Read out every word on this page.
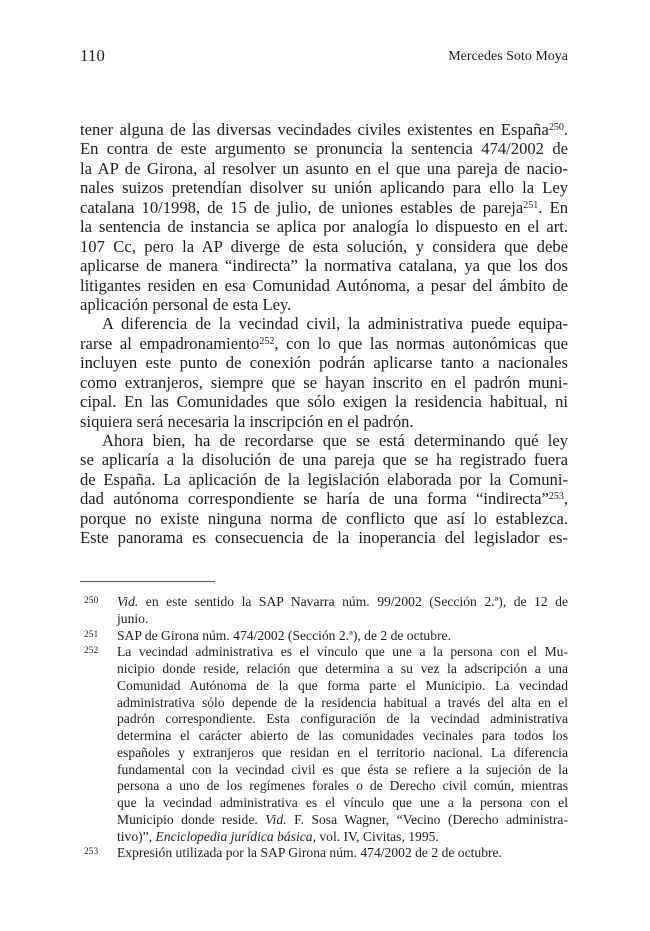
110	Mercedes Soto Moya
tener alguna de las diversas vecindades civiles existentes en España$^{250}$.
En contra de este argumento se pronuncia la sentencia 474/2002 de
la AP de Girona, al resolver un asunto en el que una pareja de nacio-
nales suizos pretendían disolver su unión aplicando para ello la Ley
catalana 10/1998, de 15 de julio, de uniones estables de pareja$^{251}$. En
la sentencia de instancia se aplica por analogía lo dispuesto en el art.
107 Cc, pero la AP diverge de esta solución, y considera que debe
aplicarse de manera “indirecta” la normativa catalana, ya que los dos
litigantes residen en esa Comunidad Autónoma, a pesar del ámbito de
aplicación personal de esta Ley.
A diferencia de la vecindad civil, la administrativa puede equipa-
rarse al empadronamiento$^{252}$, con lo que las normas autonómicas que
incluyen este punto de conexión podrán aplicarse tanto a nacionales
como extranjeros, siempre que se hayan inscrito en el padrón muni-
cipal. En las Comunidades que sólo exigen la residencia habitual, ni
siquiera será necesaria la inscripción en el padrón.
Ahora bien, ha de recordarse que se está determinando qué ley
se aplicaría a la disolución de una pareja que se ha registrado fuera
de España. La aplicación de la legislación elaborada por la Comuni-
dad autónoma correspondiente se haría de una forma “indirecta”$^{253}$,
porque no existe ninguna norma de conflicto que así lo establezca.
Este panorama es consecuencia de la inoperancia del legislador es-
250 Vid. en este sentido la SAP Navarra núm. 99/2002 (Sección 2.ª), de 12 de
junio.
251 SAP de Girona núm. 474/2002 (Sección 2.ª), de 2 de octubre.
252 La vecindad administrativa es el vínculo que une a la persona con el Mu-
nicipio donde reside, relación que determina a su vez la adscripción a una
Comunidad Autónoma de la que forma parte el Municipio. La vecindad
administrativa sólo depende de la residencia habitual a través del alta en el
padrón correspondiente. Esta configuración de la vecindad administrativa
determina el carácter abierto de las comunidades vecinales para todos los
españoles y extranjeros que residan en el territorio nacional. La diferencia
fundamental con la vecindad civil es que ésta se refiere a la sujeción de la
persona a uno de los regímenes forales o de Derecho civil común, mientras
que la vecindad administrativa es el vínculo que une a la persona con el
Municipio donde reside. Vid. F. Sosa Wagner, “Vecino (Derecho administra-
tivo)”, Enciclopedia jurídica básica, vol. IV, Civitas, 1995.
253 Expresión utilizada por la SAP Girona núm. 474/2002 de 2 de octubre.
